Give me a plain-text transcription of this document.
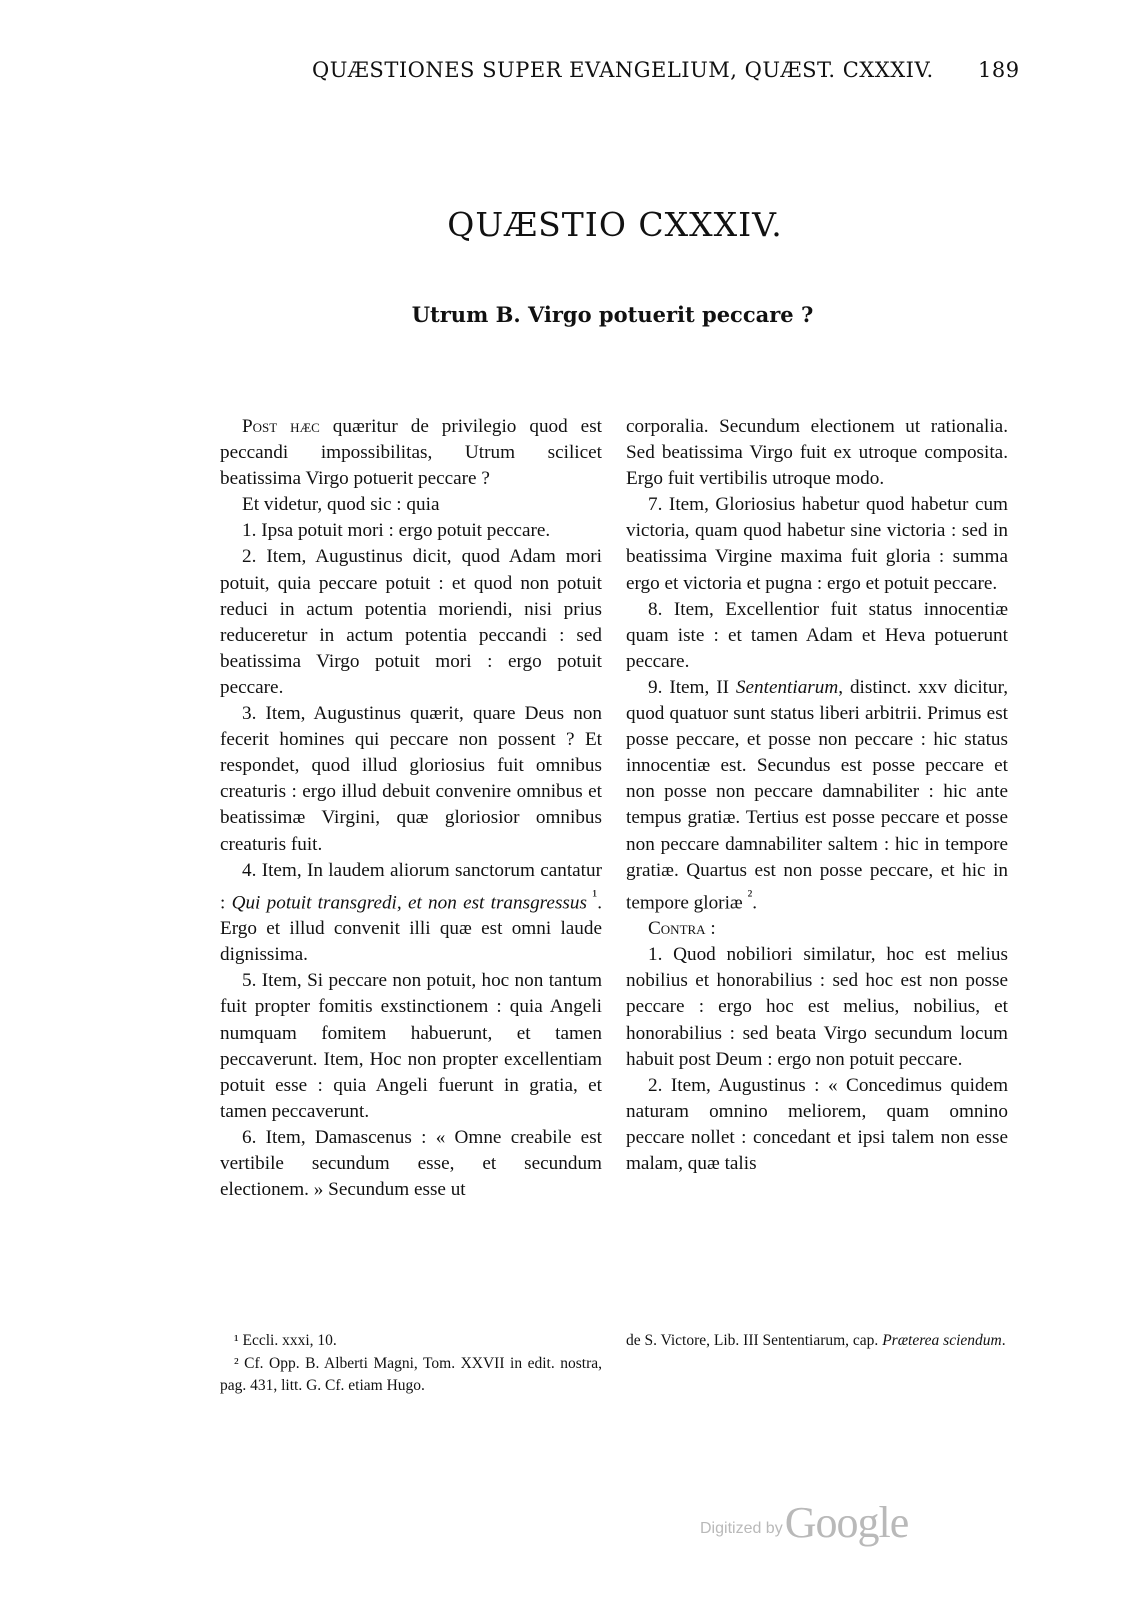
QUÆSTIONES SUPER EVANGELIUM, QUÆST. CXXXIV. 189
QUÆSTIO CXXXIV.
Utrum B. Virgo potuerit peccare ?

Post hæc quæritur de privilegio quod est peccandi impossibilitas, Utrum scilicet beatissima Virgo potuerit peccare ?

Et videtur, quod sic : quia

1. Ipsa potuit mori : ergo potuit peccare.

2. Item, Augustinus dicit, quod Adam mori potuit, quia peccare potuit : et quod non potuit reduci in actum potentia moriendi, nisi prius reduceretur in actum potentia peccandi : sed beatissima Virgo potuit mori : ergo potuit peccare.

3. Item, Augustinus quærit, quare Deus non fecerit homines qui peccare non possent ? Et respondet, quod illud gloriosius fuit omnibus creaturis : ergo illud debuit convenire omnibus et beatissimæ Virgini, quæ gloriosior omnibus creaturis fuit.

4. Item, In laudem aliorum sanctorum cantatur : Qui potuit transgredi, et non est transgressus $^{^1}$. Ergo et illud convenit illi quæ est omni laude dignissima.

5. Item, Si peccare non potuit, hoc non tantum fuit propter fomitis exstinctionem : quia Angeli numquam fomitem habuerunt, et tamen peccaverunt. Item, Hoc non propter excellentiam potuit esse : quia Angeli fuerunt in gratia, et tamen peccaverunt.

6. Item, Damascenus : « Omne creabile est vertibile secundum esse, et secundum electionem. » Secundum esse ut

corporalia. Secundum electionem ut rationalia. Sed beatissima Virgo fuit ex utroque composita. Ergo fuit vertibilis utroque modo.

7. Item, Gloriosius habetur quod habetur cum victoria, quam quod habetur sine victoria : sed in beatissima Virgine maxima fuit gloria : summa ergo et victoria et pugna : ergo et potuit peccare.

8. Item, Excellentior fuit status innocentiæ quam iste : et tamen Adam et Heva potuerunt peccare.

9. Item, II Sententiarum, distinct. xxv dicitur, quod quatuor sunt status liberi arbitrii. Primus est posse peccare, et posse non peccare : hic status innocentiæ est. Secundus est posse peccare et non posse non peccare damnabiliter : hic ante tempus gratiæ. Tertius est posse peccare et posse non peccare damnabiliter saltem : hic in tempore gratiæ. Quartus est non posse peccare, et hic in tempore gloriæ $^{^2}$.

Contra :

1. Quod nobiliori similatur, hoc est melius nobilius et honorabilius : sed hoc est non posse peccare : ergo hoc est melius, nobilius, et honorabilius : sed beata Virgo secundum locum habuit post Deum : ergo non potuit peccare.

2. Item, Augustinus : « Concedimus quidem naturam omnino meliorem, quam omnino peccare nollet : concedant et ipsi talem non esse malam, quæ talis

¹ Eccli. xxxi, 10.

² Cf. Opp. B. Alberti Magni, Tom. XXVII in edit. nostra, pag. 431, litt. G. Cf. etiam Hugo.

de S. Victore, Lib. III Sententiarum, cap. Præterea sciendum.

Digitized by Google
